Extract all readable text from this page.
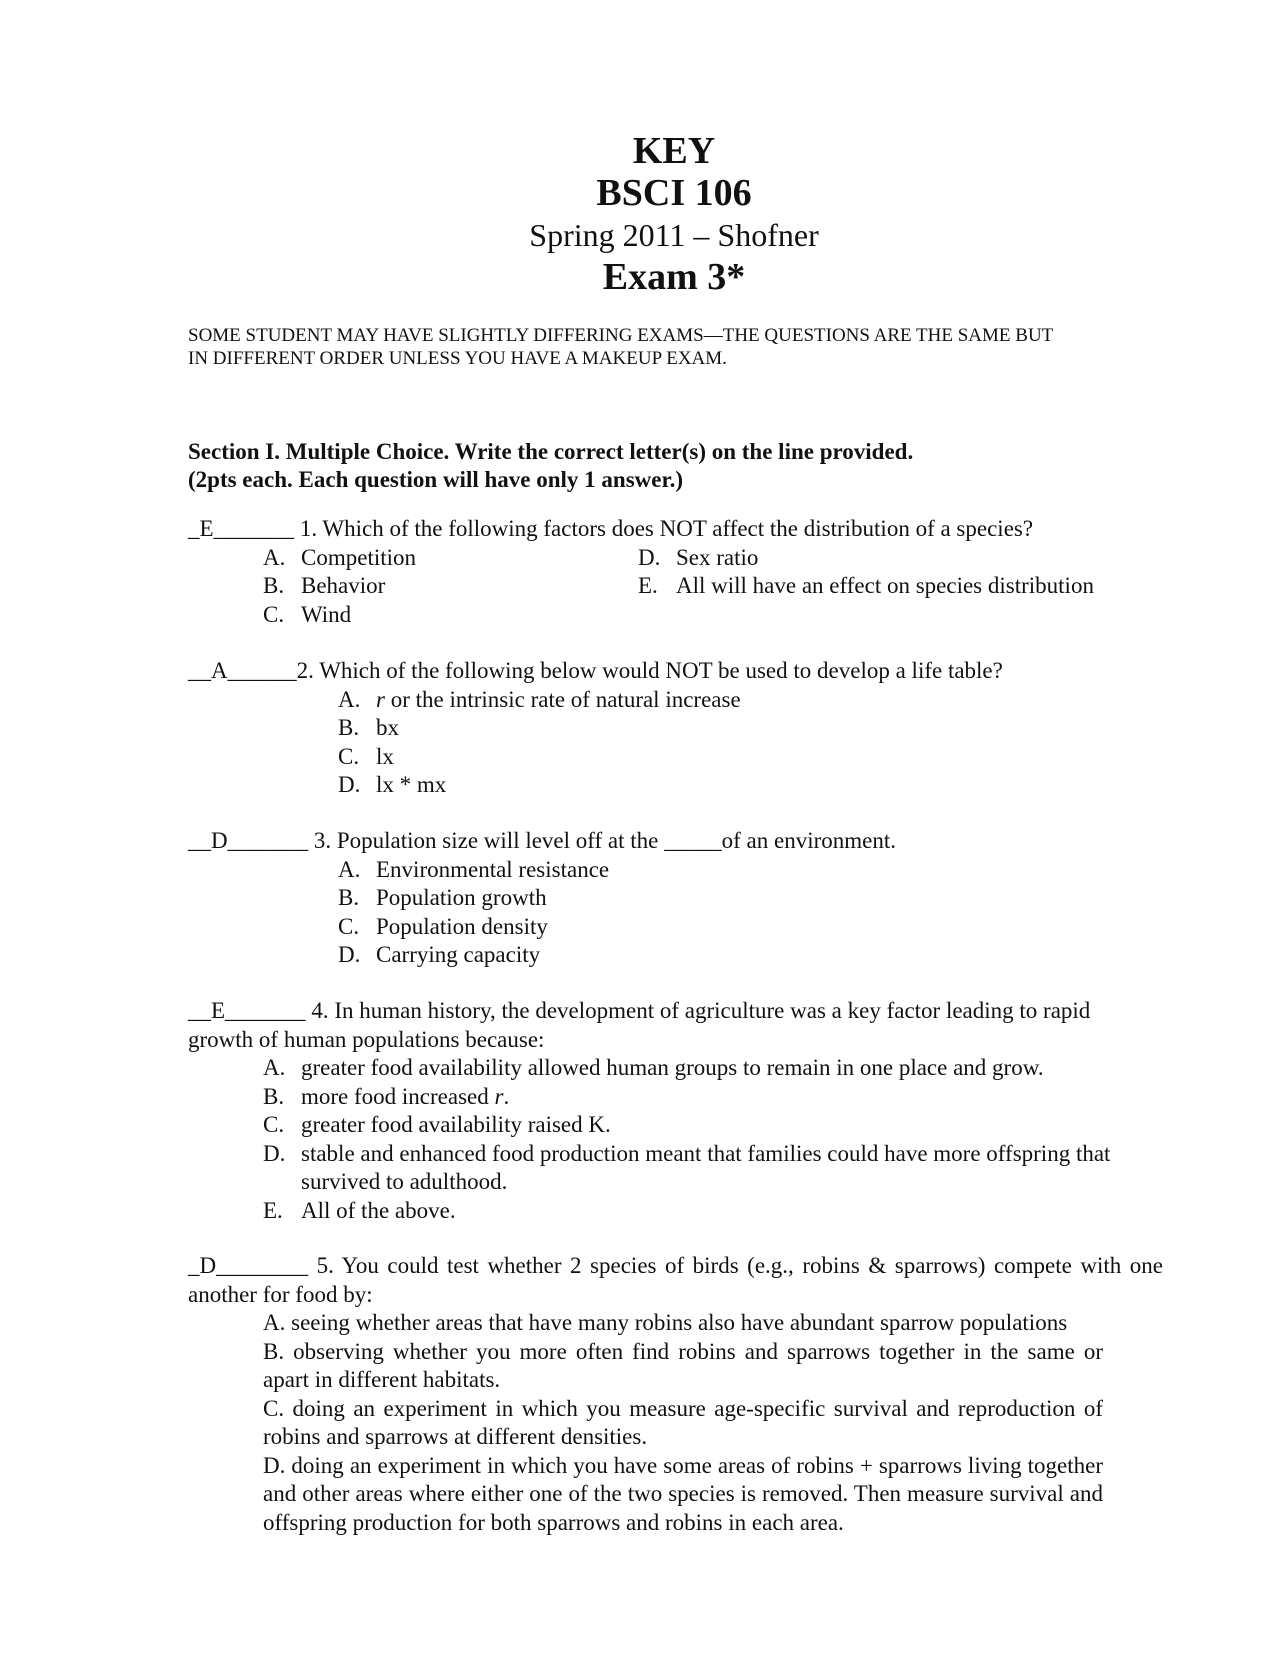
KEY
BSCI 106
Spring 2011 – Shofner
Exam 3*
SOME STUDENT MAY HAVE SLIGHTLY DIFFERING EXAMS—THE QUESTIONS ARE THE SAME BUT
IN DIFFERENT ORDER UNLESS YOU HAVE A MAKEUP EXAM.
Section I. Multiple Choice. Write the correct letter(s) on the line provided.
(2pts each. Each question will have only 1 answer.)
_E_______ 1. Which of the following factors does NOT affect the distribution of a species?
A. Competition
B. Behavior
C. Wind
D. Sex ratio
E. All will have an effect on species distribution
__A______2. Which of the following below would NOT be used to develop a life table?
A. r or the intrinsic rate of natural increase
B. bx
C. lx
D. lx * mx
__D_______ 3. Population size will level off at the _____of an environment.
A. Environmental resistance
B. Population growth
C. Population density
D. Carrying capacity
__E_______ 4. In human history, the development of agriculture was a key factor leading to rapid
growth of human populations because:
A. greater food availability allowed human groups to remain in one place and grow.
B. more food increased r.
C. greater food availability raised K.
D. stable and enhanced food production meant that families could have more offspring that survived to adulthood.
E. All of the above.
_D________ 5. You could test whether 2 species of birds (e.g., robins & sparrows) compete with one another for food by:
A. seeing whether areas that have many robins also have abundant sparrow populations
B. observing whether you more often find robins and sparrows together in the same or apart in different habitats.
C. doing an experiment in which you measure age-specific survival and reproduction of robins and sparrows at different densities.
D. doing an experiment in which you have some areas of robins + sparrows living together and other areas where either one of the two species is removed. Then measure survival and offspring production for both sparrows and robins in each area.
